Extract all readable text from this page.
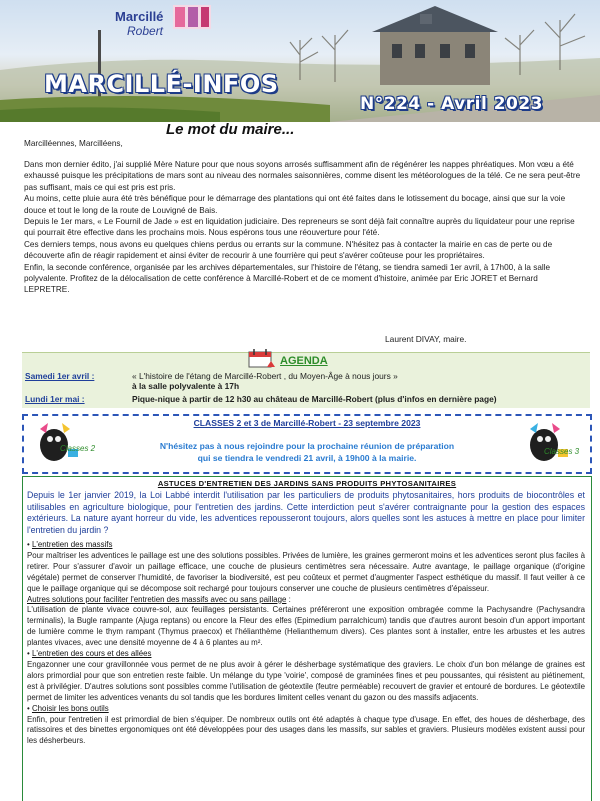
Marcillé
Robert
MARCILLÉ-INFOS
N°224 - Avril 2023
Le mot du maire...

Marcilléennes, Marcilléens,

Dans mon dernier édito, j'ai supplié Mère Nature pour que nous soyons arrosés suffisamment afin de régénérer les nappes phréatiques. Mon vœu a été exhaussé puisque les précipitations de mars sont au niveau des normales saisonnières, comme disent les météorologues de la télé. Ce ne sera peut-être pas suffisant, mais ce qui est pris est pris.

Au moins, cette pluie aura été très bénéfique pour le démarrage des plantations qui ont été faites dans le lotissement du bocage, ainsi que sur la voie douce et tout le long de la route de Louvigné de Bais.

Depuis le 1er mars, « Le Fournil de Jade » est en liquidation judiciaire. Des repreneurs se sont déjà fait connaître auprès du liquidateur pour une reprise qui pourrait être effective dans les prochains mois. Nous espérons tous une réouverture pour l'été.

Ces derniers temps, nous avons eu quelques chiens perdus ou errants sur la commune. N'hésitez pas à contacter la mairie en cas de perte ou de découverte afin de réagir rapidement et ainsi éviter de recourir à une fourrière qui peut s'avérer coûteuse pour les propriétaires.

Enfin, la seconde conférence, organisée par les archives départementales, sur l'histoire de l'étang, se tiendra samedi 1er avril, à 17h00, à la salle polyvalente. Profitez de la délocalisation de cette conférence à Marcillé-Robert et de ce moment d'histoire, animée par Eric JORET et Bernard LEPRETRE.

Laurent DIVAY, maire.
AGENDA
Samedi 1er avril :	« L'histoire de l'étang de Marcillé-Robert , du Moyen-Âge à nous jours »
à la salle polyvalente à 17h
Lundi 1er mai :	Pique-nique à partir de 12 h30 au château de Marcillé-Robert (plus d'infos en dernière page)
Classes 2
CLASSES 2 et 3 de Marcillé-Robert - 23 septembre 2023
N'hésitez pas à nous rejoindre pour la prochaine réunion de préparation
qui se tiendra le vendredi 21 avril, à 19h00 à la mairie.
Classes 3
ASTUCES D'ENTRETIEN DES JARDINS SANS PRODUITS PHYTOSANITAIRES
Depuis le 1er janvier 2019, la Loi Labbé interdit l'utilisation par les particuliers de produits phytosanitaires, hors produits de biocontrôles et utilisables en agriculture biologique, pour l'entretien des jardins. Cette interdiction peut s'avérer contraignante pour la gestion des espaces extérieurs. La nature ayant horreur du vide, les adventices repousseront toujours, alors quelles sont les astuces à mettre en place pour limiter l'entretien du jardin ?

• L'entretien des massifs

Pour maîtriser les adventices le paillage est une des solutions possibles. Privées de lumière, les graines germeront moins et les adventices seront plus faciles à retirer. Pour s'assurer d'avoir un paillage efficace, une couche de plusieurs centimètres sera nécessaire. Autre avantage, le paillage organique (d'origine végétale) permet de conserver l'humidité, de favoriser la biodiversité, est peu coûteux et permet d'augmenter l'aspect esthétique du massif. Il faut veiller à ce que le paillage organique qui se décompose soit rechargé pour toujours conserver une couche de plusieurs centimètres d'épaisseur.

Autres solutions pour faciliter l'entretien des massifs avec ou sans paillage :

L'utilisation de plante vivace couvre-sol, aux feuillages persistants. Certaines préféreront une exposition ombragée comme la Pachysandre (Pachysandra terminalis), la Bugle rampante (Ajuga reptans) ou encore la Fleur des elfes (Epimedium parralchicum) tandis que d'autres auront besoin d'un apport important de lumière comme le thym rampant (Thymus praecox) et l'hélianthème (Helianthemum divers). Ces plantes sont à installer, entre les arbustes et les autres plantes vivaces, avec une densité moyenne de 4 à 6 plantes au m².

• L'entretien des cours et des allées

Engazonner une cour gravillonnée vous permet de ne plus avoir à gérer le désherbage systématique des graviers. Le choix d'un bon mélange de graines est alors primordial pour que son entretien reste faible. Un mélange du type 'voirie', composé de graminées fines et peu poussantes, qui résistent au piétinement, est à privilégier. D'autres solutions sont possibles comme l'utilisation de géotextile (feutre perméable) recouvert de gravier et entouré de bordures. Le géotextile permet de limiter les adventices venants du sol tandis que les bordures limitent celles venant du gazon ou des massifs adjacents.

• Choisir les bons outils

Enfin, pour l'entretien il est primordial de bien s'équiper. De nombreux outils ont été adaptés à chaque type d'usage. En effet, des houes de désherbage, des ratissoires et des binettes ergonomiques ont été développées pour des usages dans les massifs, sur sables et graviers. Plusieurs modèles existent aussi pour les désherbeurs.
